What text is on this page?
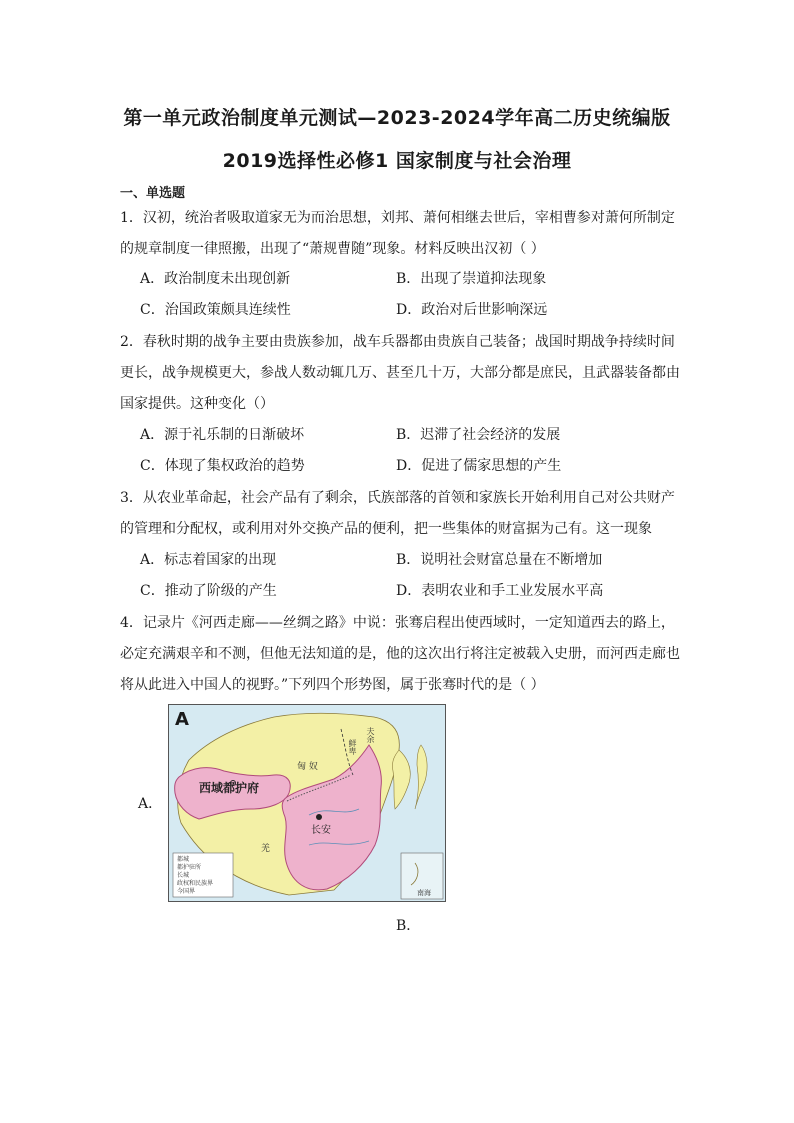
第一单元政治制度单元测试—2023-2024学年高二历史统编版
2019选择性必修1 国家制度与社会治理
一、单选题
1．汉初，统治者吸取道家无为而治思想，刘邦、萧何相继去世后，宰相曹参对萧何所制定
的规章制度一律照搬，出现了“萧规曹随”现象。材料反映出汉初（ ）
A．政治制度未出现创新	B．出现了崇道抑法现象
C．治国政策颇具连续性	D．政治对后世影响深远
2．春秋时期的战争主要由贵族参加，战车兵器都由贵族自己装备；战国时期战争持续时间
更长，战争规模更大，参战人数动辄几万、甚至几十万，大部分都是庶民，且武器装备都由
国家提供。这种变化（）
A．源于礼乐制的日渐破坏	B．迟滞了社会经济的发展
C．体现了集权政治的趋势	D．促进了儒家思想的产生
3．从农业革命起，社会产品有了剩余，氏族部落的首领和家族长开始利用自己对公共财产
的管理和分配权，或利用对外交换产品的便利，把一些集体的财富据为己有。这一现象
A．标志着国家的出现	B．说明社会财富总量在不断增加
C．推动了阶级的产生	D．表明农业和手工业发展水平高
4．记录片《河西走廊——丝绸之路》中说：张骞启程出使西域时，一定知道西去的路上，
必定充满艰辛和不测，但他无法知道的是，他的这次出行将注定被载入史册，而河西走廊也
将从此进入中国人的视野。”下列四个形势图，属于张骞时代的是（ ）
A．
A
西域都护府
长安
匈 奴
鲜卑
夫余
羌
南海
都城
都护驻所
长城
政权和民族界
今国界
B．
